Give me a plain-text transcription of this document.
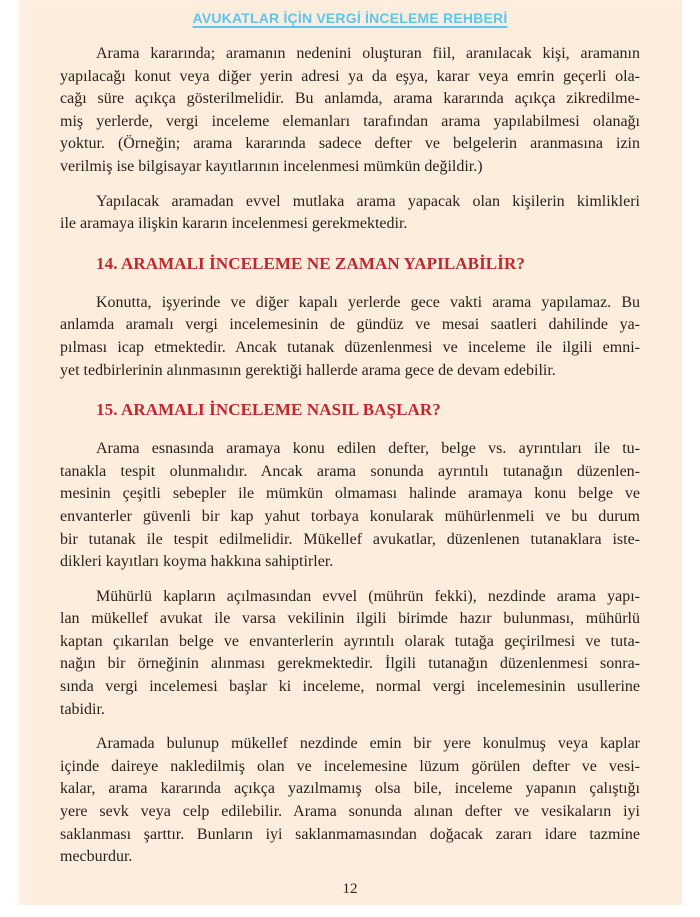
AVUKATLAR İÇİN VERGİ İNCELEME REHBERİ
Arama kararında; aramanın nedenini oluşturan fiil, aranılacak kişi, aramanın
yapılacağı konut veya diğer yerin adresi ya da eşya, karar veya emrin geçerli ola-
cağı süre açıkça gösterilmelidir. Bu anlamda, arama kararında açıkça zikredilme-
miş yerlerde, vergi inceleme elemanları tarafından arama yapılabilmesi olanağı
yoktur. (Örneğin; arama kararında sadece defter ve belgelerin aranmasına izin
verilmiş ise bilgisayar kayıtlarının incelenmesi mümkün değildir.)
Yapılacak aramadan evvel mutlaka arama yapacak olan kişilerin kimlikleri
ile aramaya ilişkin kararın incelenmesi gerekmektedir.
14. ARAMALI İNCELEME NE ZAMAN YAPILABİLİR?
Konutta, işyerinde ve diğer kapalı yerlerde gece vakti arama yapılamaz. Bu
anlamda aramalı vergi incelemesinin de gündüz ve mesai saatleri dahilinde ya-
pılması icap etmektedir. Ancak tutanak düzenlenmesi ve inceleme ile ilgili emni-
yet tedbirlerinin alınmasının gerektiği hallerde arama gece de devam edebilir.
15. ARAMALI İNCELEME NASIL BAŞLAR?
Arama esnasında aramaya konu edilen defter, belge vs. ayrıntıları ile tu-
tanakla tespit olunmalıdır. Ancak arama sonunda ayrıntılı tutanağın düzenlen-
mesinin çeşitli sebepler ile mümkün olmaması halinde aramaya konu belge ve
envanterler güvenli bir kap yahut torbaya konularak mühürlenmeli ve bu durum
bir tutanak ile tespit edilmelidir. Mükellef avukatlar, düzenlenen tutanaklara iste-
dikleri kayıtları koyma hakkına sahiptirler.
Mühürlü kapların açılmasından evvel (mührün fekki), nezdinde arama yapı-
lan mükellef avukat ile varsa vekilinin ilgili birimde hazır bulunması, mühürlü
kaptan çıkarılan belge ve envanterlerin ayrıntılı olarak tutağa geçirilmesi ve tuta-
nağın bir örneğinin alınması gerekmektedir. İlgili tutanağın düzenlenmesi sonra-
sında vergi incelemesi başlar ki inceleme, normal vergi incelemesinin usullerine
tabidir.
Aramada bulunup mükellef nezdinde emin bir yere konulmuş veya kaplar
içinde daireye nakledilmiş olan ve incelemesine lüzum görülen defter ve vesi-
kalar, arama kararında açıkça yazılmamış olsa bile, inceleme yapanın çalıştığı
yere sevk veya celp edilebilir. Arama sonunda alınan defter ve vesikaların iyi
saklanması şarttır. Bunların iyi saklanmamasından doğacak zararı idare tazmine
mecburdur.
12
